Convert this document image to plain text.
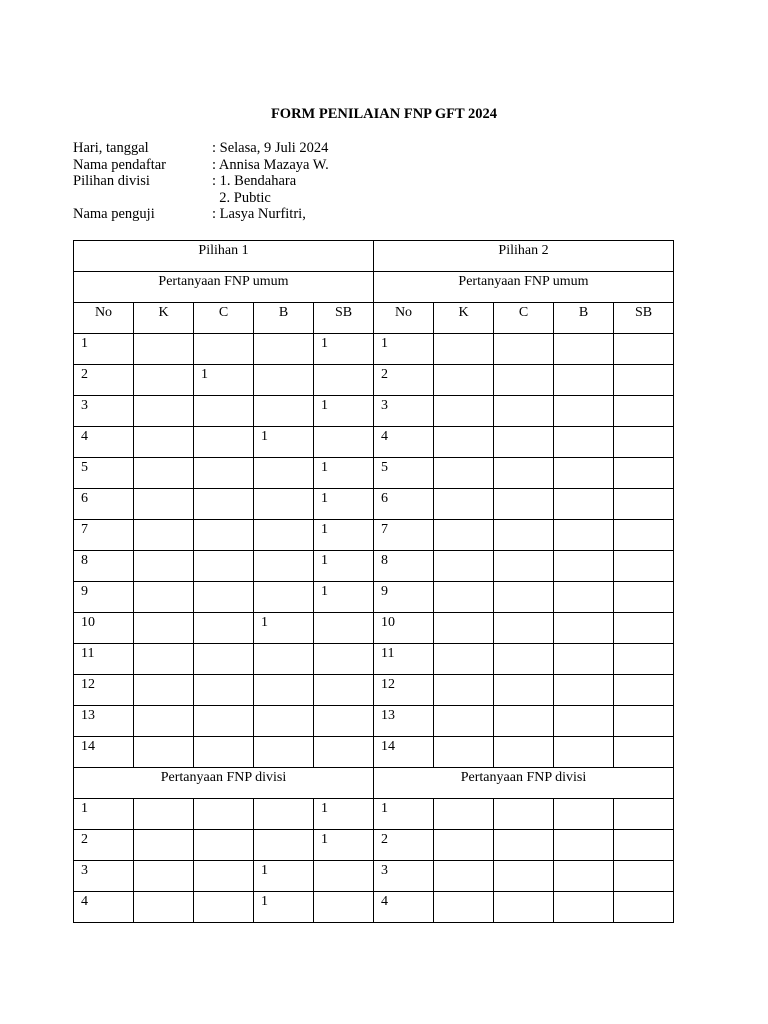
FORM PENILAIAN FNP GFT 2024
Hari, tanggal	: Selasa, 9 Juli 2024
Nama pendaftar	: Annisa Mazaya W.
Pilihan divisi	: 1. Bendahara
2. Pubtic
Nama penguji	: Lasya Nurfitri,
Pilihan 1					Pilihan 2				
Pertanyaan FNP umum					Pertanyaan FNP umum				
No	K	C	B	SB	No	K	C	B	SB
1				1	1				
2		1			2				
3				1	3				
4			1		4				
5				1	5				
6				1	6				
7				1	7				
8				1	8				
9				1	9				
10			1		10				
11					11				
12					12				
13					13				
14					14				
Pertanyaan FNP divisi					Pertanyaan FNP divisi				
1				1	1				
2				1	2				
3			1		3				
4			1		4				
